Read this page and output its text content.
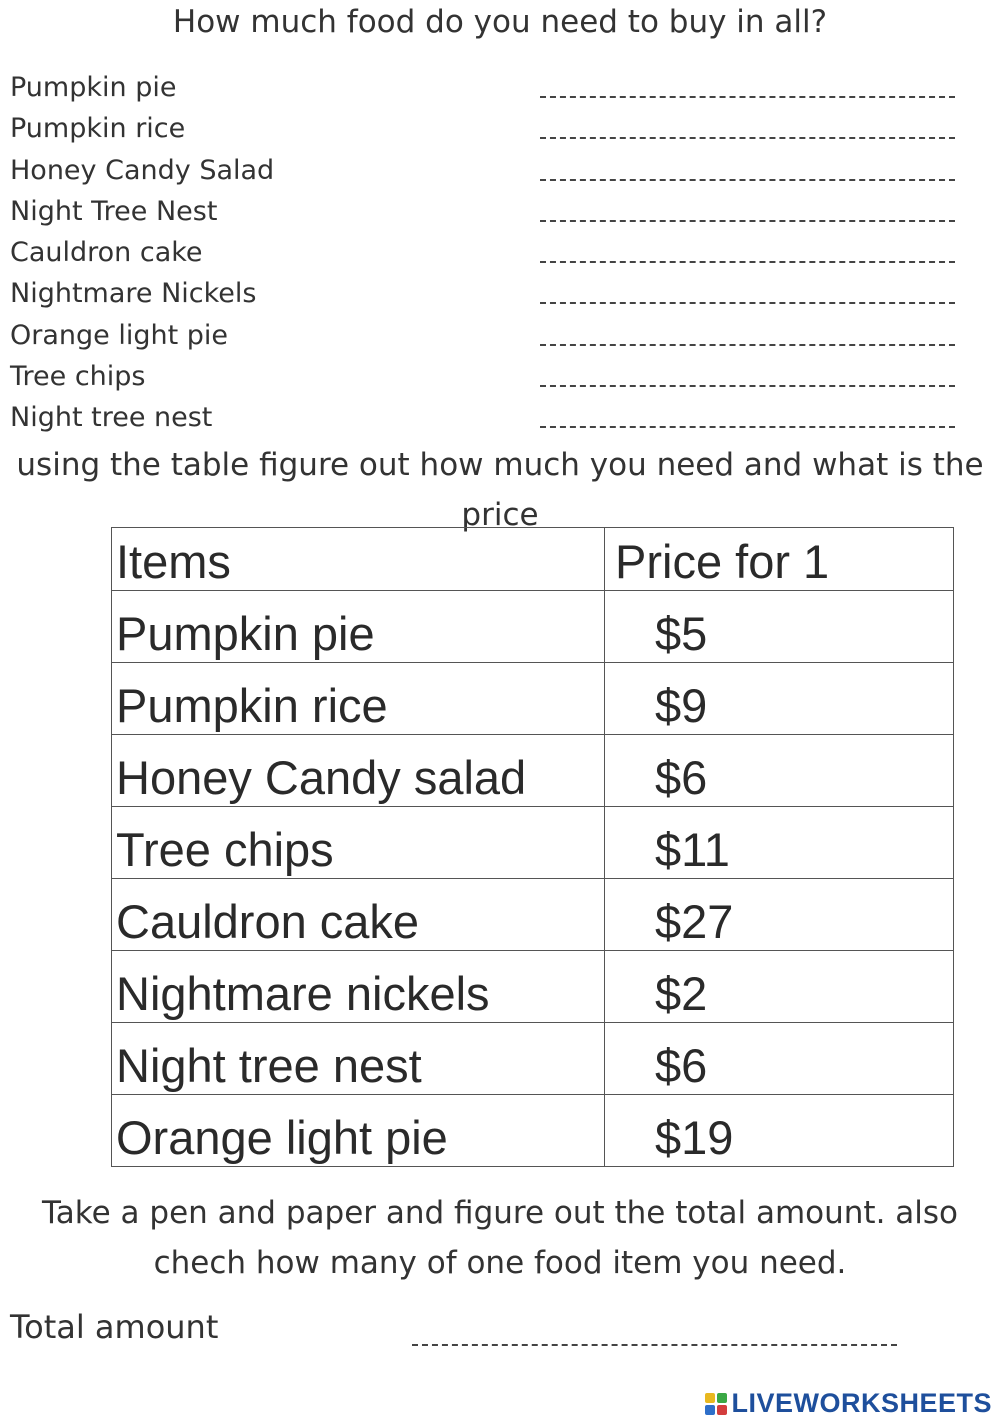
How much food do you need to buy in all?
Pumpkin pie
Pumpkin rice
Honey Candy Salad
Night Tree Nest
Cauldron cake
Nightmare Nickels
Orange light pie
Tree chips
Night tree nest
using the table figure out how much you need and what is the price
Items	Price for 1
Pumpkin pie	$5
Pumpkin rice	$9
Honey Candy salad	$6
Tree chips	$11
Cauldron cake	$27
Nightmare nickels	$2
Night tree nest	$6
Orange light pie	$19
Take a pen and paper and figure out the total amount. also chech how many of one food item you need.
Total amount
LIVEWORKSHEETS
